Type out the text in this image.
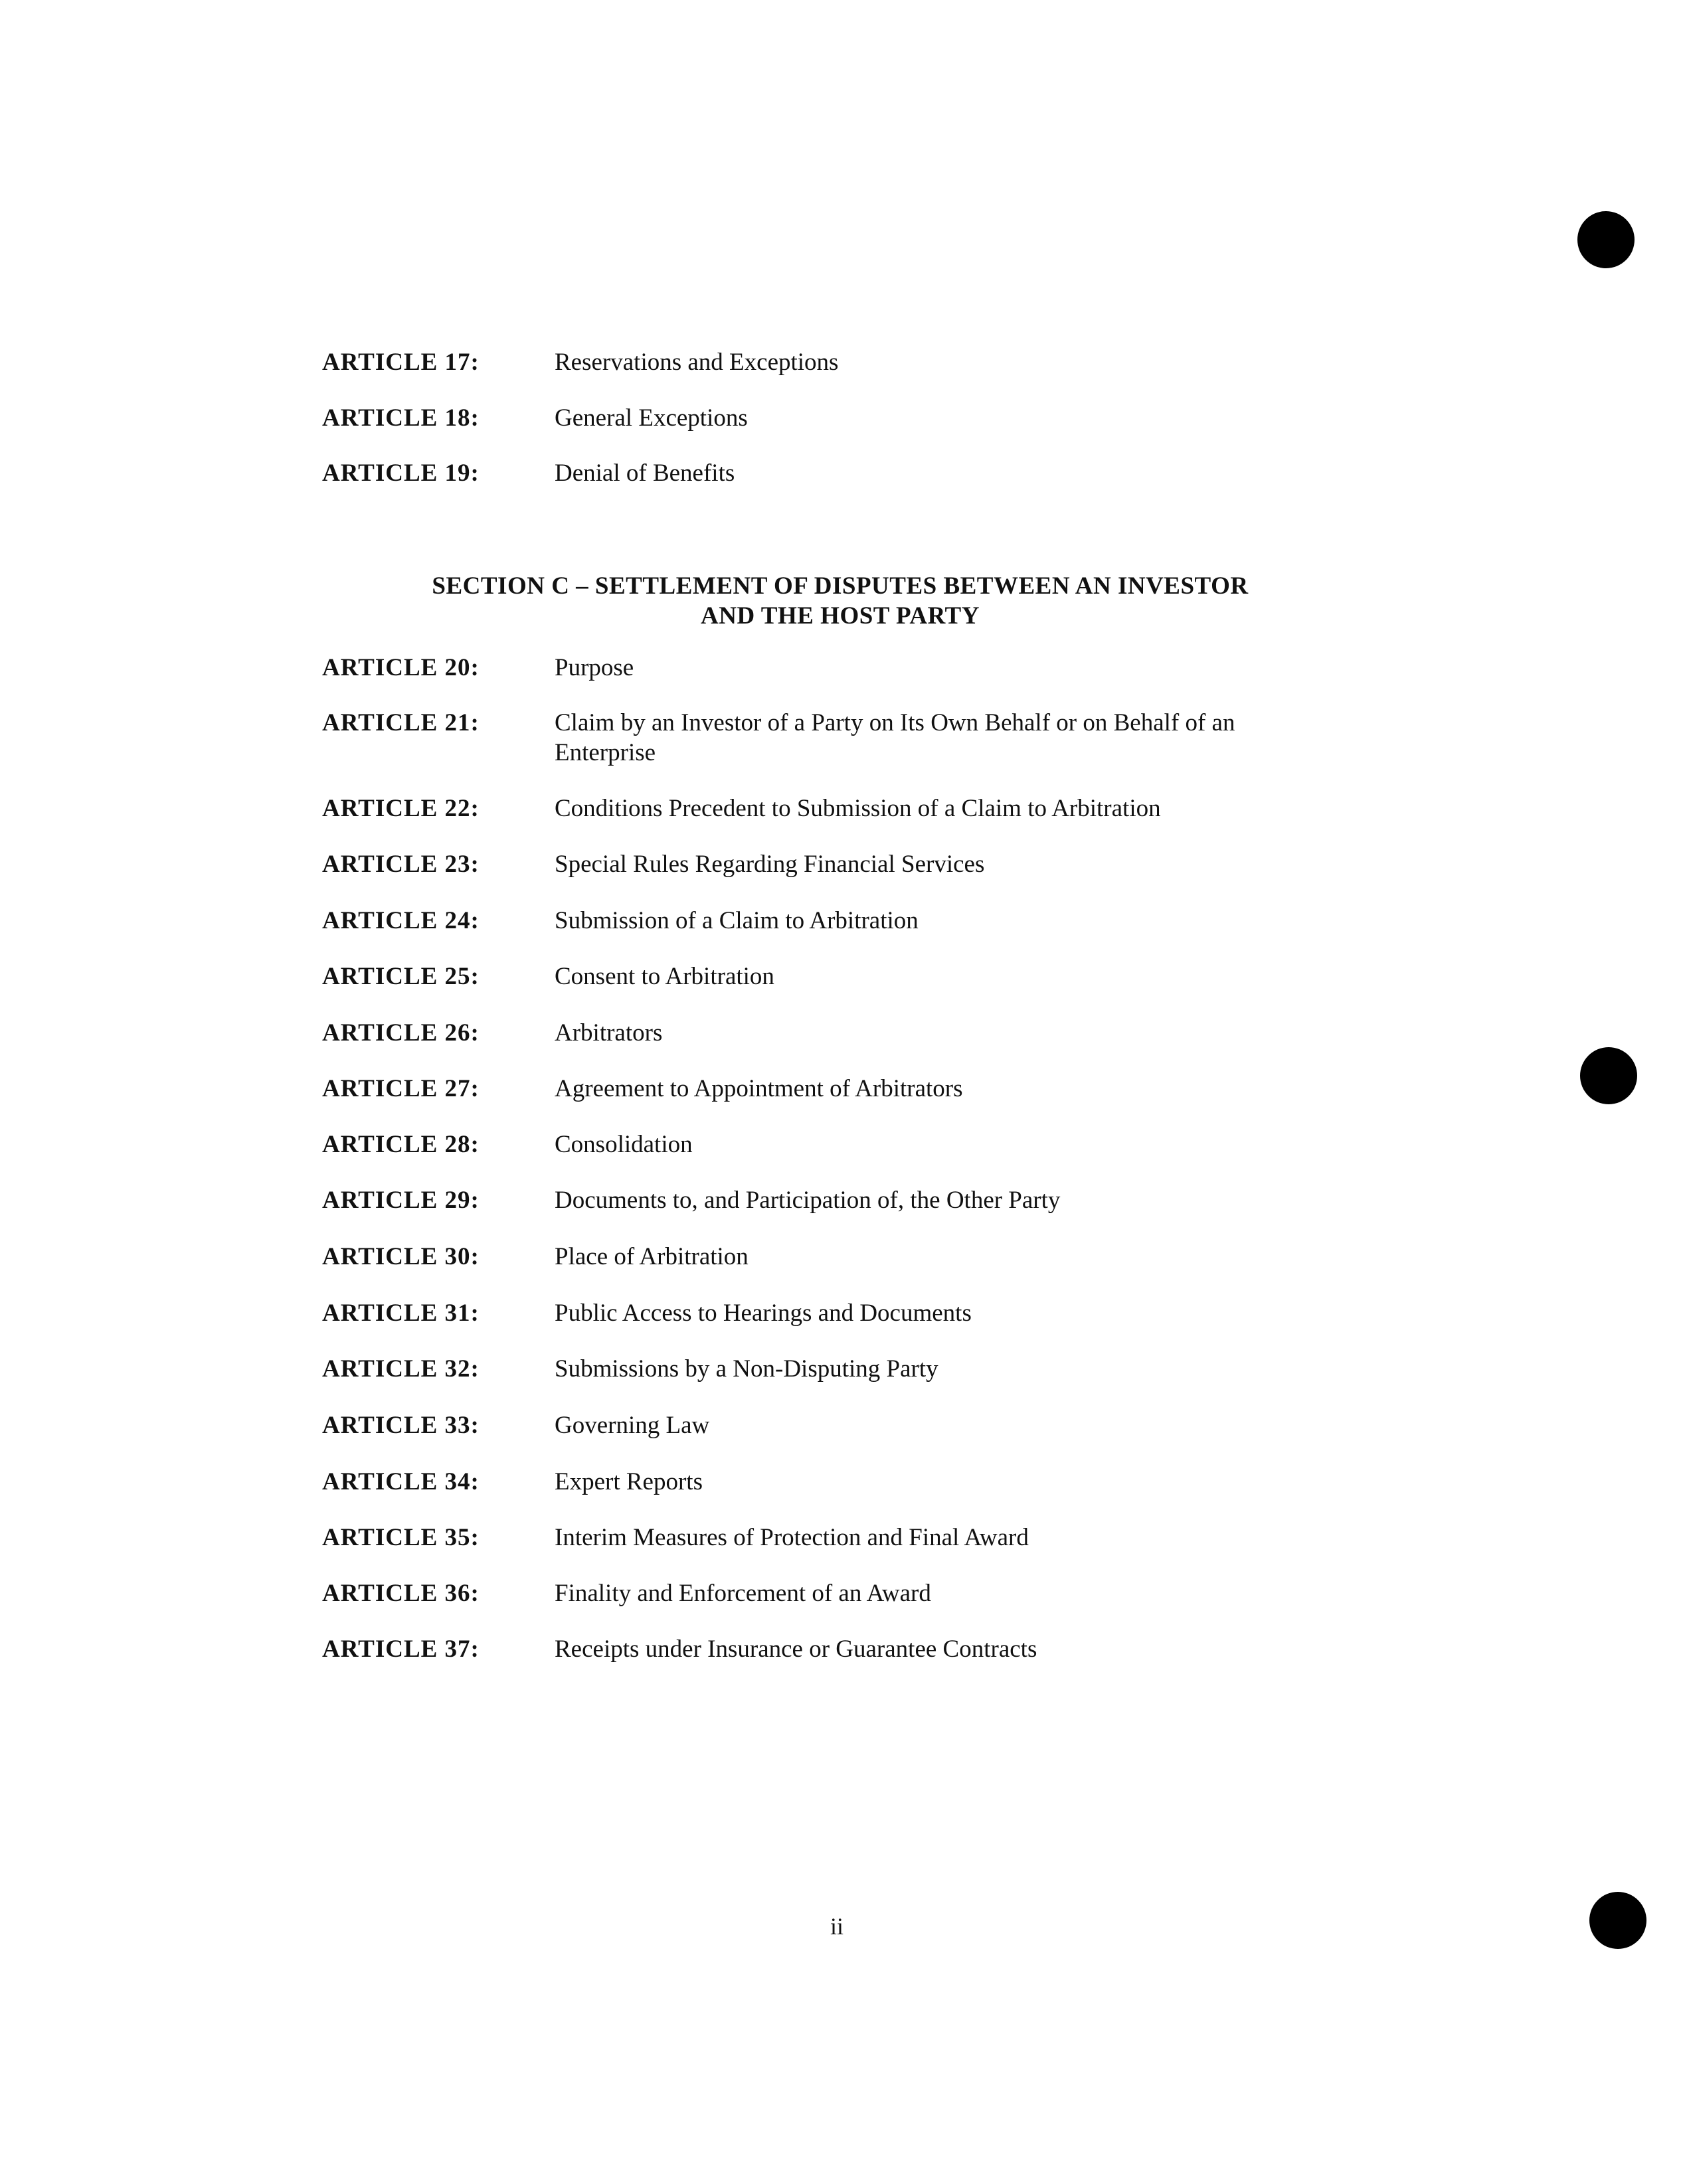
ARTICLE 17:	Reservations and Exceptions
ARTICLE 18:	General Exceptions
ARTICLE 19:	Denial of Benefits
SECTION C – SETTLEMENT OF DISPUTES BETWEEN AN INVESTOR
AND THE HOST PARTY
ARTICLE 20:	Purpose
ARTICLE 21:	Claim by an Investor of a Party on Its Own Behalf or on Behalf of an Enterprise
ARTICLE 22:	Conditions Precedent to Submission of a Claim to Arbitration
ARTICLE 23:	Special Rules Regarding Financial Services
ARTICLE 24:	Submission of a Claim to Arbitration
ARTICLE 25:	Consent to Arbitration
ARTICLE 26:	Arbitrators
ARTICLE 27:	Agreement to Appointment of Arbitrators
ARTICLE 28:	Consolidation
ARTICLE 29:	Documents to, and Participation of, the Other Party
ARTICLE 30:	Place of Arbitration
ARTICLE 31:	Public Access to Hearings and Documents
ARTICLE 32:	Submissions by a Non-Disputing Party
ARTICLE 33:	Governing Law
ARTICLE 34:	Expert Reports
ARTICLE 35:	Interim Measures of Protection and Final Award
ARTICLE 36:	Finality and Enforcement of an Award
ARTICLE 37:	Receipts under Insurance or Guarantee Contracts
ii
